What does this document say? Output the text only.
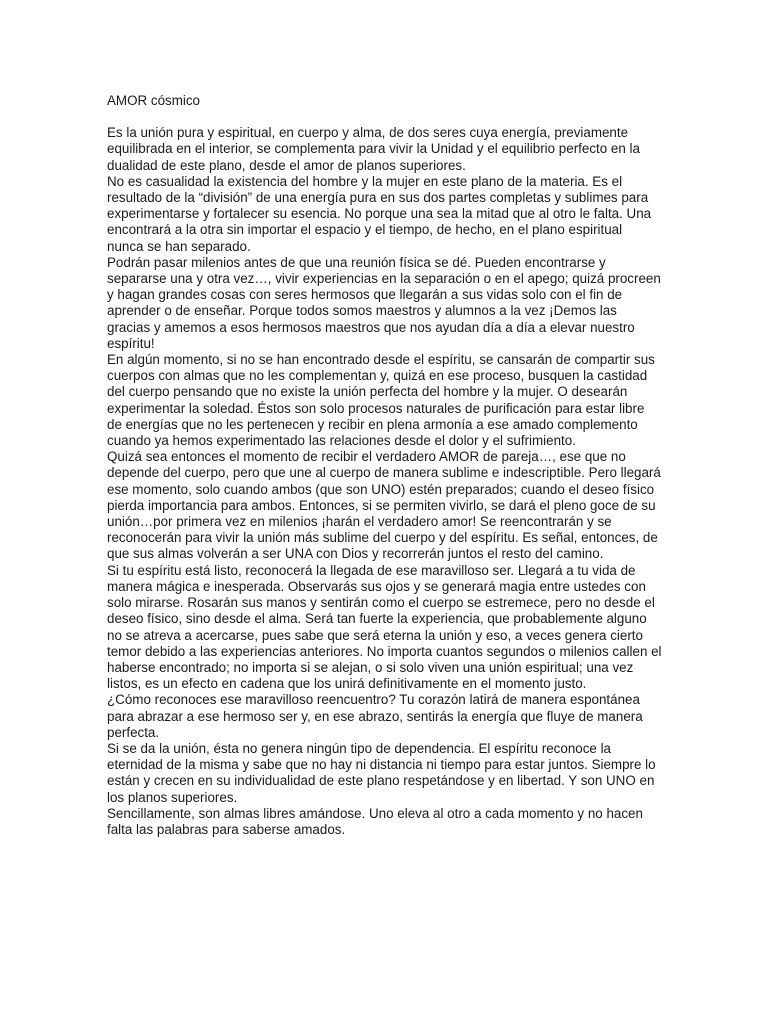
AMOR cósmico

Es la unión pura y espiritual, en cuerpo y alma, de dos seres cuya energía, previamente equilibrada en el interior, se complementa para vivir la Unidad y el equilibrio perfecto en la dualidad de este plano, desde el amor de planos superiores.

No es casualidad la existencia del hombre y la mujer en este plano de la materia. Es el resultado de la “división” de una energía pura en sus dos partes completas y sublimes para experimentarse y fortalecer su esencia. No porque una sea la mitad que al otro le falta. Una encontrará a la otra sin importar el espacio y el tiempo, de hecho, en el plano espiritual nunca se han separado.

Podrán pasar milenios antes de que una reunión física se dé. Pueden encontrarse y separarse una y otra vez…, vivir experiencias en la separación o en el apego; quizá procreen y hagan grandes cosas con seres hermosos que llegarán a sus vidas solo con el fin de aprender o de enseñar. Porque todos somos maestros y alumnos a la vez ¡Demos las gracias y amemos a esos hermosos maestros que nos ayudan día a día a elevar nuestro espíritu!

En algún momento, si no se han encontrado desde el espíritu, se cansarán de compartir sus cuerpos con almas que no les complementan y, quizá en ese proceso, busquen la castidad del cuerpo pensando que no existe la unión perfecta del hombre y la mujer. O desearán experimentar la soledad. Éstos son solo procesos naturales de purificación para estar libre de energías que no les pertenecen y recibir en plena armonía a ese amado complemento cuando ya hemos experimentado las relaciones desde el dolor y el sufrimiento.

Quizá sea entonces el momento de recibir el verdadero AMOR de pareja…, ese que no depende del cuerpo, pero que une al cuerpo de manera sublime e indescriptible. Pero llegará ese momento, solo cuando ambos (que son UNO) estén preparados; cuando el deseo físico pierda importancia para ambos. Entonces, si se permiten vivirlo, se dará el pleno goce de su unión…por primera vez en milenios ¡harán el verdadero amor! Se reencontrarán y se reconocerán para vivir la unión más sublime del cuerpo y del espíritu. Es señal, entonces, de que sus almas volverán a ser UNA con Dios y recorrerán juntos el resto del camino.

Si tu espíritu está listo, reconocerá la llegada de ese maravilloso ser. Llegará a tu vida de manera mágica e inesperada. Observarás sus ojos y se generará magia entre ustedes con solo mirarse. Rosarán sus manos y sentirán como el cuerpo se estremece, pero no desde el deseo físico, sino desde el alma. Será tan fuerte la experiencia, que probablemente alguno no se atreva a acercarse, pues sabe que será eterna la unión y eso, a veces genera cierto temor debido a las experiencias anteriores. No importa cuantos segundos o milenios callen el haberse encontrado; no importa si se alejan, o si solo viven una unión espiritual; una vez listos, es un efecto en cadena que los unirá definitivamente en el momento justo.

¿Cómo reconoces ese maravilloso reencuentro? Tu corazón latirá de manera espontánea para abrazar a ese hermoso ser y, en ese abrazo, sentirás la energía que fluye de manera perfecta.

Si se da la unión, ésta no genera ningún tipo de dependencia. El espíritu reconoce la eternidad de la misma y sabe que no hay ni distancia ni tiempo para estar juntos. Siempre lo están y crecen en su individualidad de este plano respetándose y en libertad. Y son UNO en los planos superiores.

Sencillamente, son almas libres amándose. Uno eleva al otro a cada momento y no hacen falta las palabras para saberse amados.
